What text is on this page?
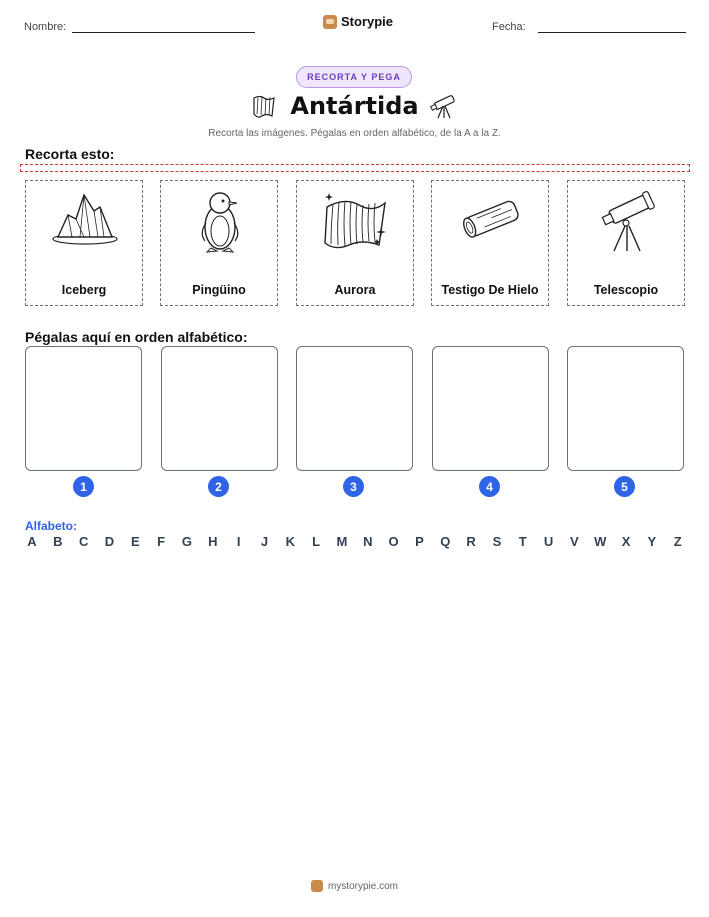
Nombre:	Storypie	Fecha:
RECORTA Y PEGA
Antártida
Recorta las imágenes. Pégalas en orden alfabético, de la A a la Z.
Recorta esto:
Iceberg	Pingüino	Aurora	Testigo De Hielo	Telescopio
Pégalas aquí en orden alfabético:
1	2	3	4	5
Alfabeto:
A B C D E F G H	I	J K L M N O P Q R S T U V W X Y Z
mystorypie.com
